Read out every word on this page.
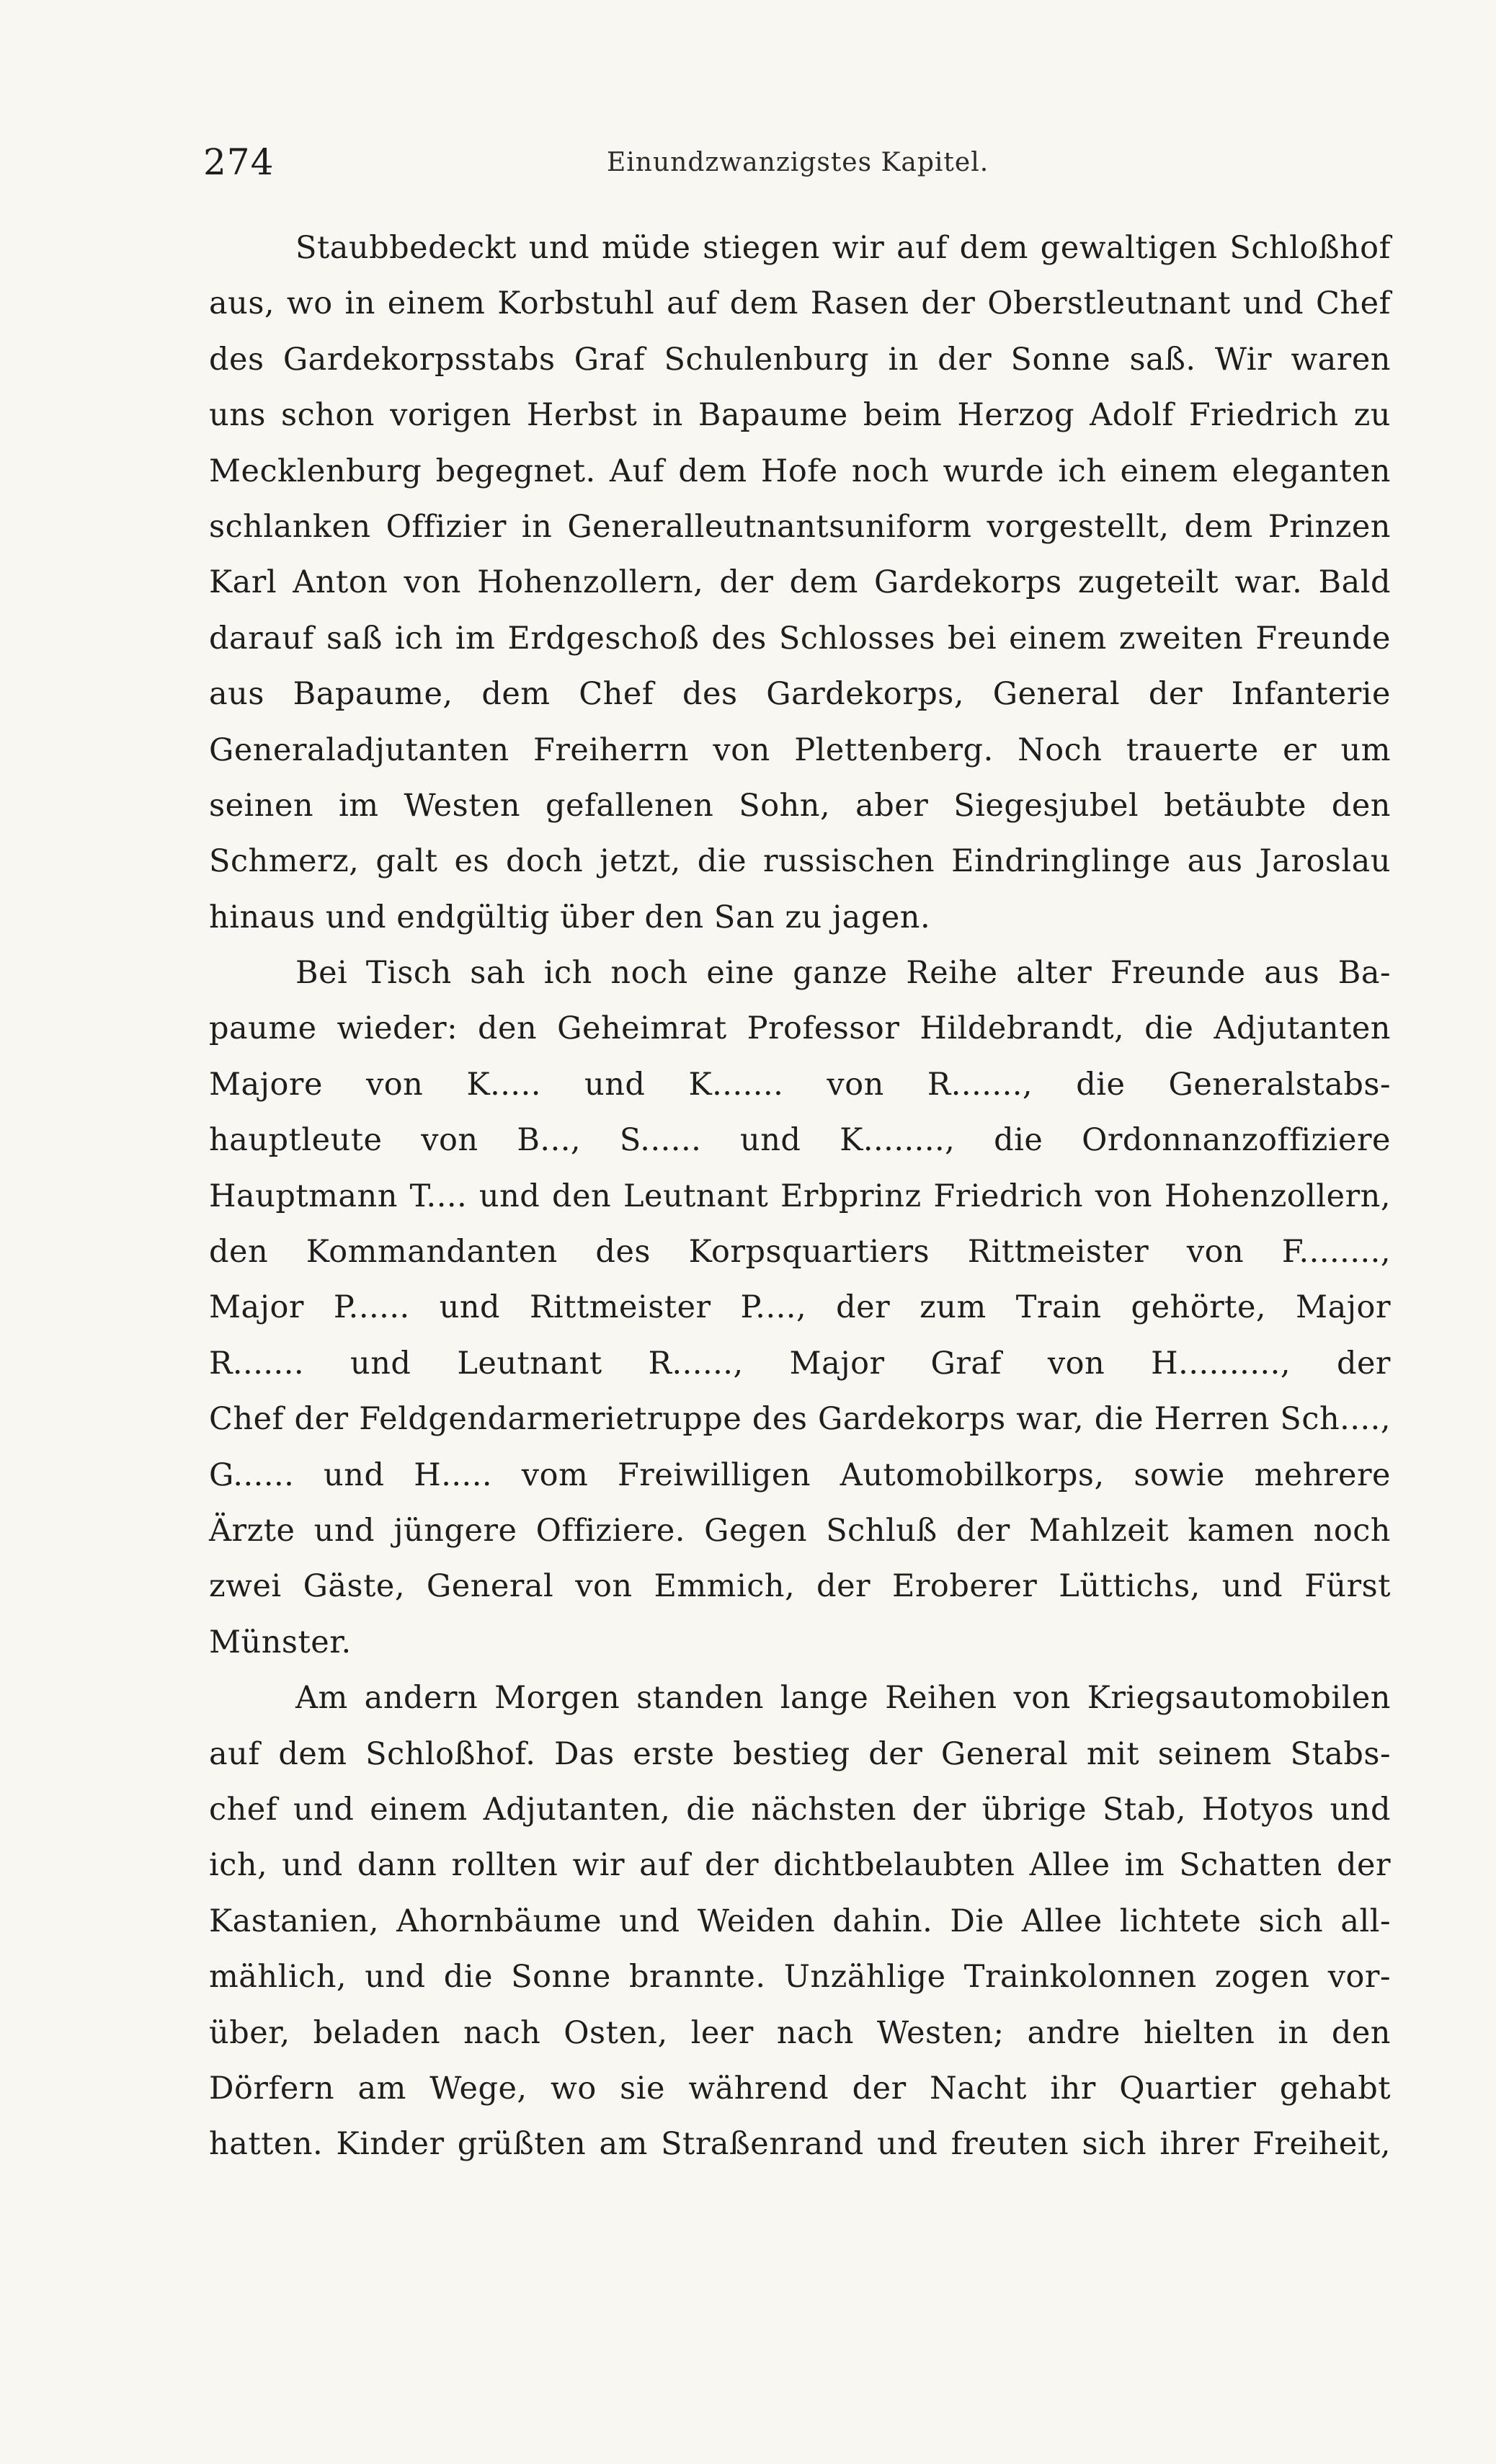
274	Einundzwanzigstes Kapitel.
Staubbedeckt und müde stiegen wir auf dem gewaltigen Schloßhof
aus, wo in einem Korbstuhl auf dem Rasen der Oberstleutnant und Chef
des Gardekorpsstabs Graf Schulenburg in der Sonne saß. Wir waren
uns schon vorigen Herbst in Bapaume beim Herzog Adolf Friedrich zu
Mecklenburg begegnet. Auf dem Hofe noch wurde ich einem eleganten
schlanken Offizier in Generalleutnantsuniform vorgestellt, dem Prinzen
Karl Anton von Hohenzollern, der dem Gardekorps zugeteilt war. Bald
darauf saß ich im Erdgeschoß des Schlosses bei einem zweiten Freunde
aus Bapaume, dem Chef des Gardekorps, General der Infanterie
Generaladjutanten Freiherrn von Plettenberg. Noch trauerte er um
seinen im Westen gefallenen Sohn, aber Siegesjubel betäubte den
Schmerz, galt es doch jetzt, die russischen Eindringlinge aus Jaroslau
hinaus und endgültig über den San zu jagen.
Bei Tisch sah ich noch eine ganze Reihe alter Freunde aus Ba-
paume wieder: den Geheimrat Professor Hildebrandt, die Adjutanten
Majore von K..... und K....... von R......., die Generalstabs-
hauptleute von B..., S...... und K........, die Ordonnanzoffiziere
Hauptmann T.... und den Leutnant Erbprinz Friedrich von Hohenzollern,
den Kommandanten des Korpsquartiers Rittmeister von F........,
Major P...... und Rittmeister P...., der zum Train gehörte, Major
R....... und Leutnant R......, Major Graf von H.........., der
Chef der Feldgendarmerietruppe des Gardekorps war, die Herren Sch....,
G...... und H..... vom Freiwilligen Automobilkorps, sowie mehrere
Ärzte und jüngere Offiziere. Gegen Schluß der Mahlzeit kamen noch
zwei Gäste, General von Emmich, der Eroberer Lüttichs, und Fürst
Münster.
Am andern Morgen standen lange Reihen von Kriegsautomobilen
auf dem Schloßhof. Das erste bestieg der General mit seinem Stabs-
chef und einem Adjutanten, die nächsten der übrige Stab, Hotyos und
ich, und dann rollten wir auf der dichtbelaubten Allee im Schatten der
Kastanien, Ahornbäume und Weiden dahin. Die Allee lichtete sich all-
mählich, und die Sonne brannte. Unzählige Trainkolonnen zogen vor-
über, beladen nach Osten, leer nach Westen; andre hielten in den
Dörfern am Wege, wo sie während der Nacht ihr Quartier gehabt
hatten. Kinder grüßten am Straßenrand und freuten sich ihrer Freiheit,
